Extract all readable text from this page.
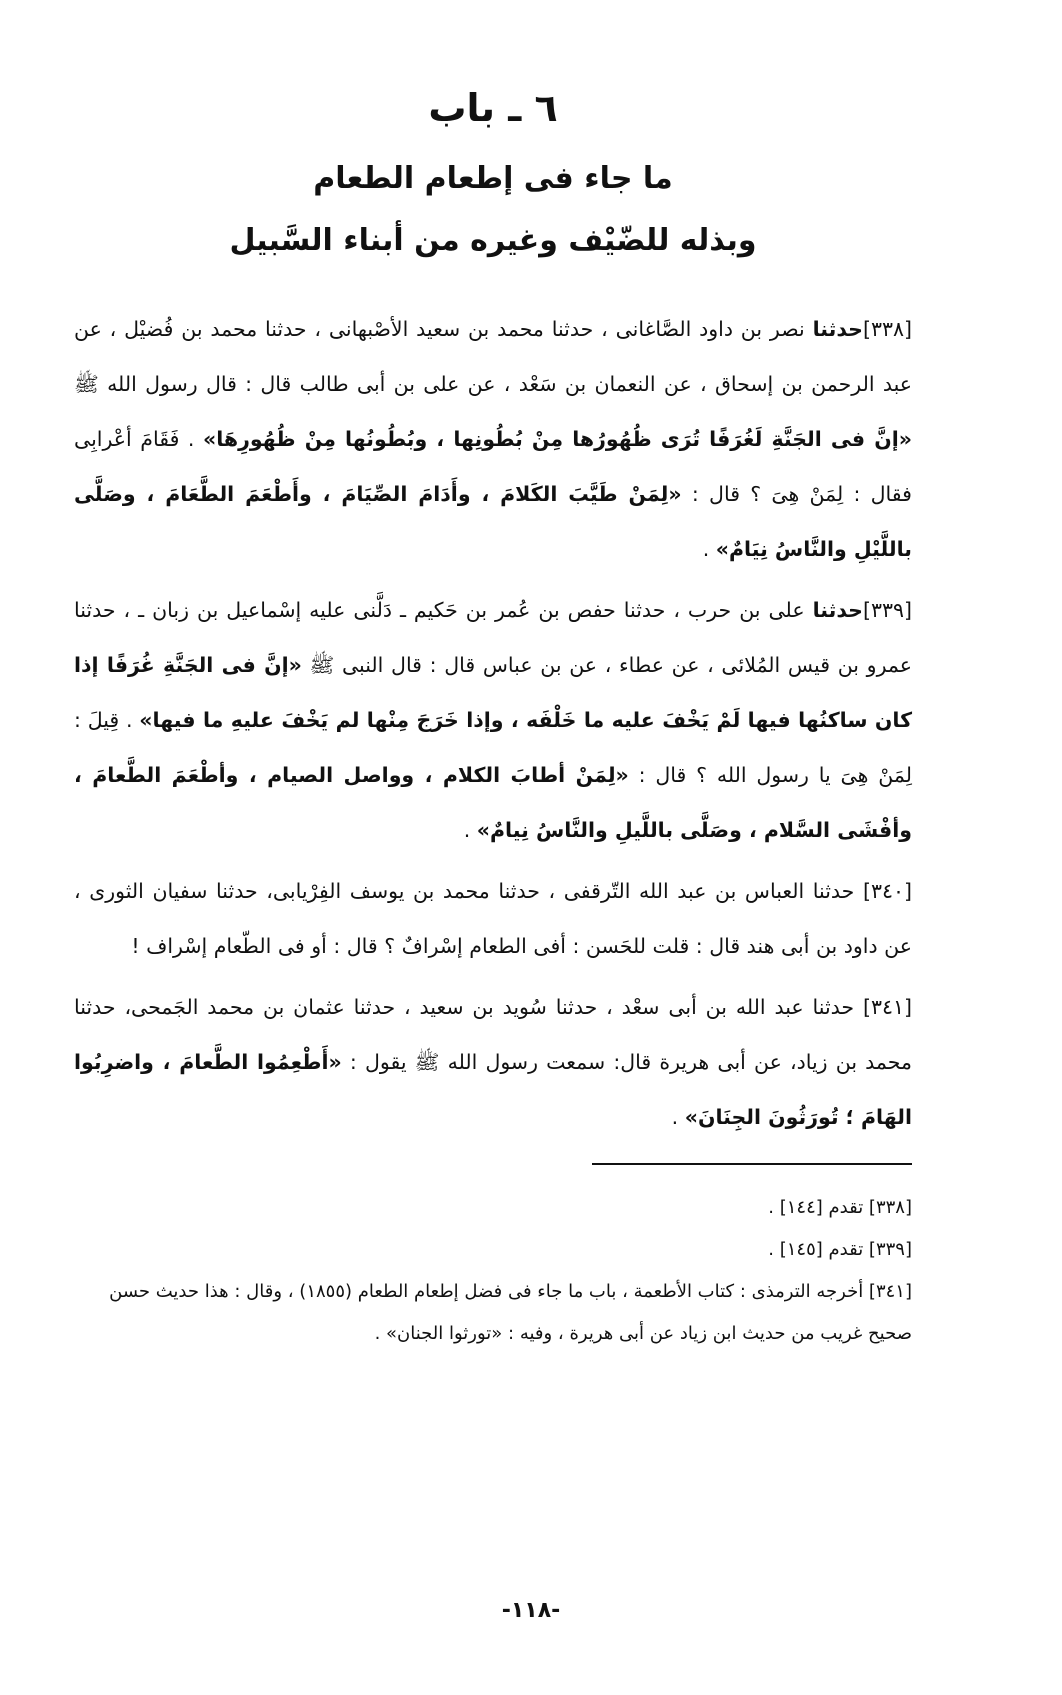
٦ ـ باب
ما جاء فى إطعام الطعام
وبذله للضّيْف وغيره من أبناء السَّبيل

[٣٣٨]حدثنا نصر بن داود الصَّاغانى ، حدثنا محمد بن سعيد الأصْبهانى ، حدثنا محمد بن فُضيْل ، عن عبد الرحمن بن إسحاق ، عن النعمان بن سَعْد ، عن على بن أبى طالب قال : قال رسول الله ﷺ «إنَّ فى الجَنَّةِ لَغُرَفًا تُرَى ظُهُورُها مِنْ بُطُونِها ، وبُطُونُها مِنْ ظُهُورِهَا» . فَقَامَ أعْرابِى فقال : لِمَنْ هِىَ ؟ قال : «لِمَنْ طَيَّبَ الكَلامَ ، وأَدَامَ الصِّيَامَ ، وأَطْعَمَ الطَّعَامَ ، وصَلَّى باللَّيْلِ والنَّاسُ نِيَامٌ» .

[٣٣٩]حدثنا على بن حرب ، حدثنا حفص بن عُمر بن حَكيم ـ دَلَّنى عليه إسْماعيل بن زبان ـ ، حدثنا عمرو بن قيس المُلائى ، عن عطاء ، عن بن عباس قال : قال النبى ﷺ «إنَّ فى الجَنَّةِ غُرَفًا إذا كان ساكنُها فيها لَمْ يَخْفَ عليه ما خَلْفَه ، وإذا خَرَجَ مِنْها لم يَخْفَ عليهِ ما فيها» . قِيلَ : لِمَنْ هِىَ يا رسول الله ؟ قال : «لِمَنْ أطابَ الكلام ، وواصل الصيام ، وأطْعَمَ الطَّعامَ ، وأفْشَى السَّلام ، وصَلَّى باللَّيلِ والنَّاسُ نِيامٌ» .

[٣٤٠] حدثنا العباس بن عبد الله التّرقفى ، حدثنا محمد بن يوسف الفِرْيابى، حدثنا سفيان الثورى ، عن داود بن أبى هند قال : قلت للحَسن : أفى الطعام إسْرافٌ ؟ قال : أو فى الطّعام إسْراف !

[٣٤١] حدثنا عبد الله بن أبى سعْد ، حدثنا سُويد بن سعيد ، حدثنا عثمان بن محمد الجَمحى، حدثنا محمد بن زياد، عن أبى هريرة قال: سمعت رسول الله ﷺ يقول : «أَطْعِمُوا الطَّعامَ ، واضرِبُوا الهَامَ ؛ تُورَثُونَ الجِنَانَ» .

[٣٣٨] تقدم [١٤٤] .

[٣٣٩] تقدم [١٤٥] .

[٣٤١] أخرجه الترمذى : كتاب الأطعمة ، باب ما جاء فى فضل إطعام الطعام (١٨٥٥) ، وقال : هذا حديث حسن صحيح غريب من حديث ابن زياد عن أبى هريرة ، وفيه : «تورثوا الجنان» .

-١١٨-
